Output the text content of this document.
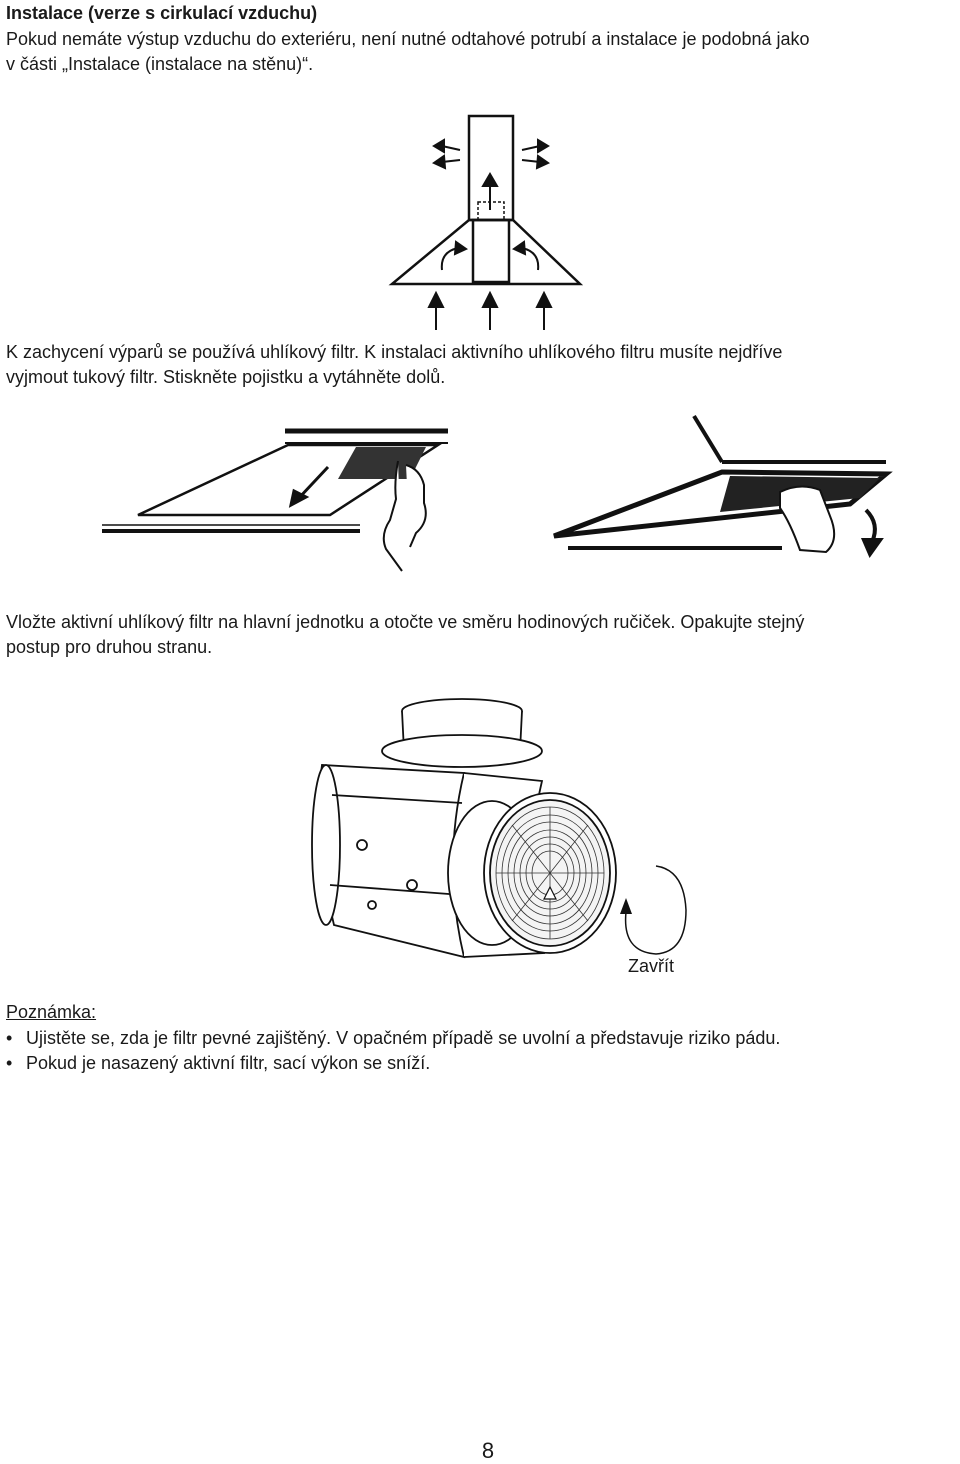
Instalace (verze s cirkulací vzduchu)
Pokud nemáte výstup vzduchu do exteriéru, není nutné odtahové potrubí a instalace je podobná jako
v části „Instalace (instalace na stěnu)“.
K zachycení výparů se používá uhlíkový filtr. K instalaci aktivního uhlíkového filtru musíte nejdříve
vyjmout tukový filtr. Stiskněte pojistku a vytáhněte dolů.
Vložte aktivní uhlíkový filtr na hlavní jednotku a otočte ve směru hodinových ručiček. Opakujte stejný
postup pro druhou stranu.
Zavřít
Poznámka:
• Ujistěte se, zda je filtr pevné zajištěný. V opačném případě se uvolní a představuje riziko pádu.
• Pokud je nasazený aktivní filtr, sací výkon se sníží.
8
